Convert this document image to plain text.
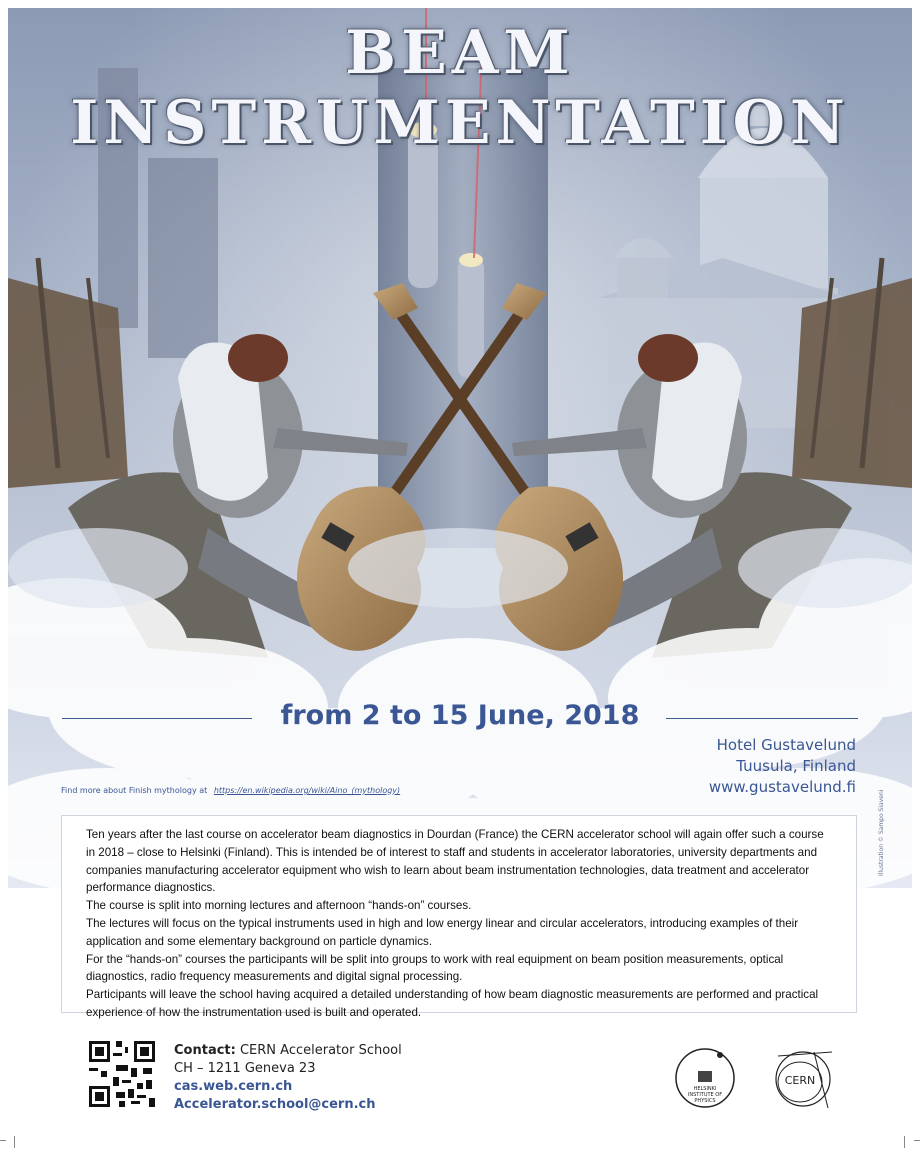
BEAM INSTRUMENTATION
from 2 to 15 June, 2018
Hotel Gustavelund
Tuusula, Finland
www.gustavelund.fi
Find more about Finish mythology at https://en.wikipedia.org/wiki/Aino_(mythology)	Illustration © Sampo Siaveni

Ten years after the last course on accelerator beam diagnostics in Dourdan (France) the CERN accelerator school will again offer such a course in 2018 – close to Helsinki (Finland). This is intended be of interest to staff and students in accelerator laboratories, university departments and companies manufacturing accelerator equipment who wish to learn about beam instrumentation technologies, data treatment and accelerator performance diagnostics.

The course is split into morning lectures and afternoon “hands-on” courses.

The lectures will focus on the typical instruments used in high and low energy linear and circular accelerators, introducing examples of their application and some elementary background on particle dynamics.

For the “hands-on” courses the participants will be split into groups to work with real equipment on beam position measurements, optical diagnostics, radio frequency measurements and digital signal processing.

Participants will leave the school having acquired a detailed understanding of how beam diagnostic measurements are performed and practical experience of how the instrumentation used is built and operated.

Contact: CERN Accelerator School
CH – 1211 Geneva 23
cas.web.cern.ch
Accelerator.school@cern.ch
HELSINKI
INSTITUTE OF
PHYSICS
CERN
